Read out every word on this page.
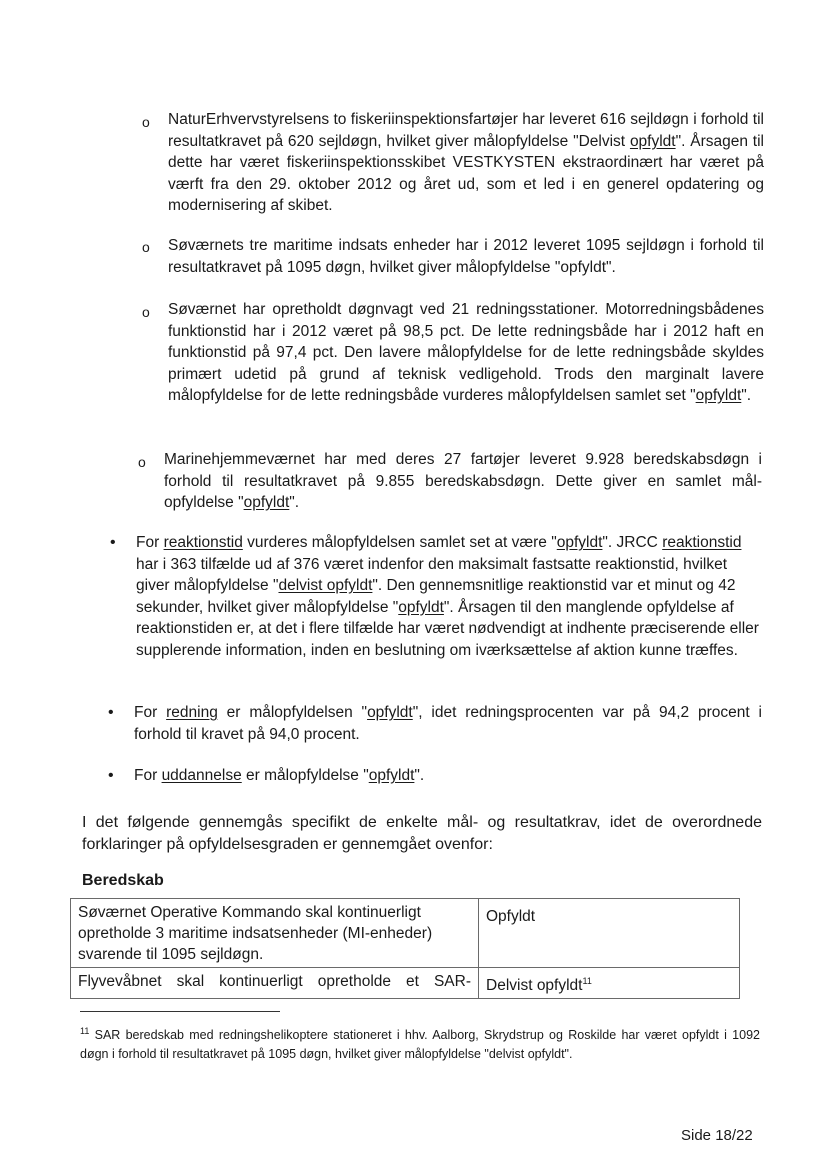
o NaturErhvervstyrelsens to fiskeriinspektionsfartøjer har leveret 616 sejldøgn i forhold til resultatkravet på 620 sejldøgn, hvilket giver målopfyldelse "Delvist opfyldt". Årsagen til dette har været fiskeriinspektionsskibet VESTKYSTEN ekstraordinært har været på værft fra den 29. oktober 2012 og året ud, som et led i en generel opdatering og modernisering af skibet.

o Søværnets tre maritime indsats enheder har i 2012 leveret 1095 sejldøgn i forhold til resultatkravet på 1095 døgn, hvilket giver målopfyldelse "opfyldt".

o Søværnet har opretholdt døgnvagt ved 21 redningsstationer. Motorredningsbådenes funktionstid har i 2012 været på 98,5 pct. De lette redningsbåde har i 2012 haft en funktionstid på 97,4 pct. Den lavere målopfyldelse for de lette redningsbåde skyldes primært udetid på grund af teknisk vedligehold. Trods den marginalt lavere målopfyldelse for de lette redningsbåde vurderes målopfyldelsen samlet set "opfyldt".

o Marinehjemmeværnet har med deres 27 fartøjer leveret 9.928 beredskabsdøgn i forhold til resultatkravet på 9.855 beredskabsdøgn. Dette giver en samlet mål-opfyldelse "opfyldt".

• For reaktionstid vurderes målopfyldelsen samlet set at være "opfyldt". JRCC reaktionstid har i 363 tilfælde ud af 376 været indenfor den maksimalt fastsatte reaktionstid, hvilket giver målopfyldelse "delvist opfyldt". Den gennemsnitlige reaktionstid var et minut og 42 sekunder, hvilket giver målopfyldelse "opfyldt". Årsagen til den manglende opfyldelse af reaktionstiden er, at det i flere tilfælde har været nødvendigt at indhente præciserende eller supplerende information, inden en beslutning om iværksættelse af aktion kunne træffes.

• For redning er målopfyldelsen "opfyldt", idet redningsprocenten var på 94,2 procent i forhold til kravet på 94,0 procent.

• For uddannelse er målopfyldelse "opfyldt".

I det følgende gennemgås specifikt de enkelte mål- og resultatkrav, idet de overordnede forklaringer på opfyldelsesgraden er gennemgået ovenfor:

Beredskab
Søværnet Operative Kommando skal kontinuerligt opretholde 3 maritime indsatsenheder (MI-enheder) svarende til 1095 sejldøgn.	Opfyldt

Flyvevåbnet skal kontinuerligt opretholde et SAR-	Delvist opfyldt$^{11}$

$^{11}$ SAR beredskab med redningshelikoptere stationeret i hhv. Aalborg, Skrydstrup og Roskilde har været opfyldt i 1092 døgn i forhold til resultatkravet på 1095 døgn, hvilket giver målopfyldelse "delvist opfyldt".

Side 18/22
